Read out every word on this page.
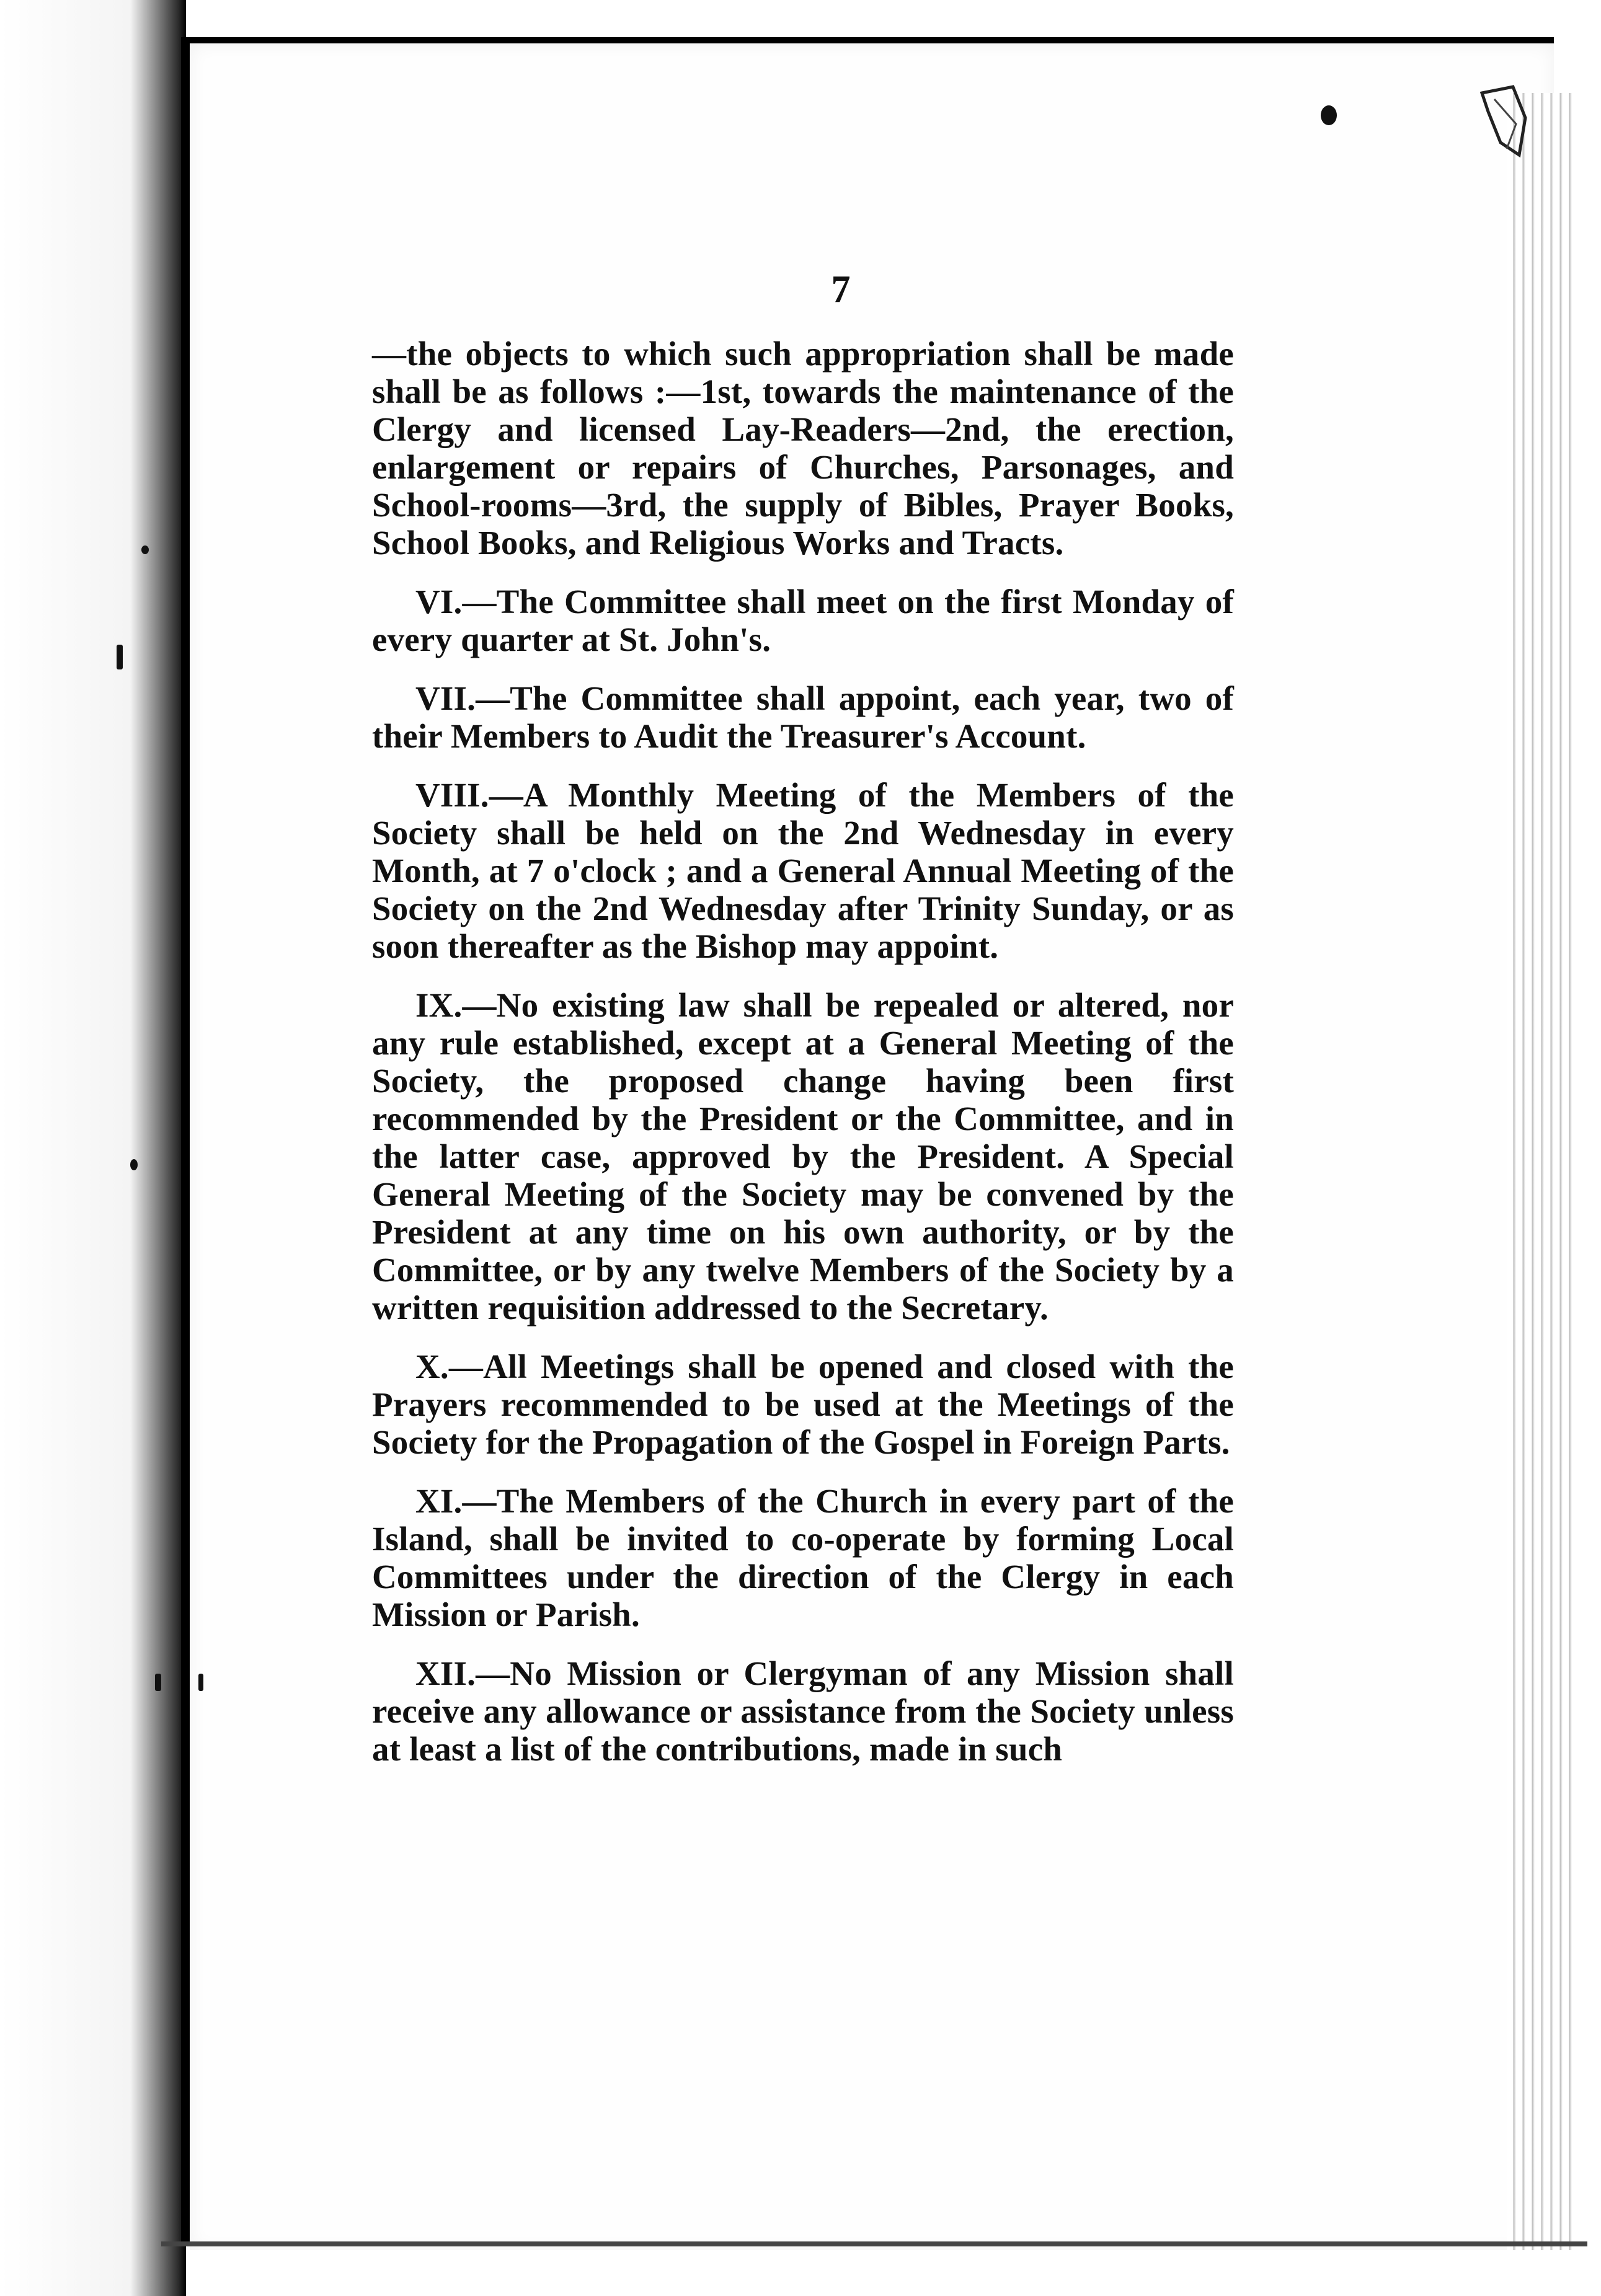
7

—the objects to which such appropriation shall be made shall be as follows :—1st, towards the maintenance of the Clergy and licensed Lay-Readers—2nd, the erection, enlargement or repairs of Churches, Parsonages, and School-rooms—3rd, the supply of Bibles, Prayer Books, School Books, and Religious Works and Tracts.

VI.—The Committee shall meet on the first Monday of every quarter at St. John's.

VII.—The Committee shall appoint, each year, two of their Members to Audit the Treasurer's Account.

VIII.—A Monthly Meeting of the Members of the Society shall be held on the 2nd Wednesday in every Month, at 7 o'clock ; and a General Annual Meeting of the Society on the 2nd Wednesday after Trinity Sunday, or as soon thereafter as the Bishop may appoint.

IX.—No existing law shall be repealed or altered, nor any rule established, except at a General Meeting of the Society, the proposed change having been first recommended by the President or the Committee, and in the latter case, approved by the President. A Special General Meeting of the Society may be convened by the President at any time on his own authority, or by the Committee, or by any twelve Members of the Society by a written requisition addressed to the Secretary.

X.—All Meetings shall be opened and closed with the Prayers recommended to be used at the Meetings of the Society for the Propagation of the Gospel in Foreign Parts.

XI.—The Members of the Church in every part of the Island, shall be invited to co-operate by forming Local Committees under the direction of the Clergy in each Mission or Parish.

XII.—No Mission or Clergyman of any Mission shall receive any allowance or assistance from the Society unless at least a list of the contributions, made in such
